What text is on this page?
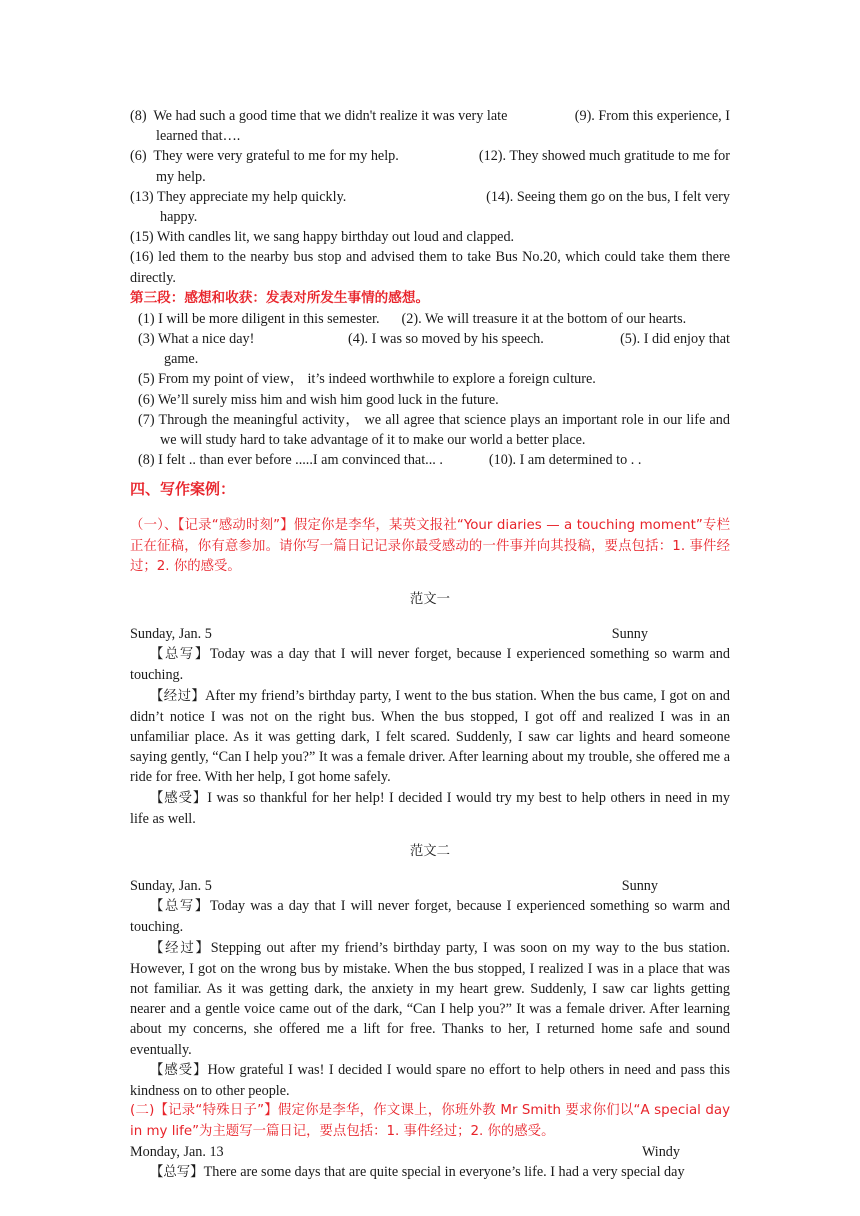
(8)  We had such a good time that we didn't realize it was very late	(9). From this experience, I

learned that….

(6)  They were very grateful to me for my help.	(12). They showed much gratitude to me for

my help.

(13) They appreciate my help quickly.	(14). Seeing them go on the bus, I felt very

happy.

(15) With candles lit, we sang happy birthday out loud and clapped.

(16) led them to the nearby bus stop and advised them to take Bus No.20, which could take them there directly.

第三段：感想和收获：发表对所发生事情的感想。

(1) I will be more diligent in this semester. (2). We will treasure it at the bottom of our hearts.
(3) What a nice day!	(4). I was so moved by his speech.	(5). I did enjoy that

game.

(5) From my point of view， it’s indeed worthwhile to explore a foreign culture.

(6) We’ll surely miss him and wish him good luck in the future.

(7) Through the meaningful activity， we all agree that science plays an important role in our life and we will study hard to take advantage of it to make our world a better place.

(8) I felt .. than ever before .....I am convinced that... .	(10). I am determined to . .

四、写作案例：

（一）、【记录“感动时刻”】假定你是李华，某英文报社“Your diaries — a touching moment”专栏正在征稿，你有意参加。请你写一篇日记记录你最受感动的一件事并向其投稿，要点包括：1. 事件经过；2. 你的感受。

范文一

Sunday, Jan. 5	Sunny

【总写】Today was a day that I will never forget, because I experienced something so warm and touching.

【经过】After my friend’s birthday party, I went to the bus station. When the bus came, I got on and didn’t notice I was not on the right bus. When the bus stopped, I got off and realized I was in an unfamiliar place. As it was getting dark, I felt scared. Suddenly, I saw car lights and heard someone saying gently, “Can I help you?” It was a female driver. After learning about my trouble, she offered me a ride for free. With her help, I got home safely.

【感受】I was so thankful for her help! I decided I would try my best to help others in need in my life as well.

范文二

Sunday, Jan. 5	Sunny

【总写】Today was a day that I will never forget, because I experienced something so warm and touching.

【经过】Stepping out after my friend’s birthday party, I was soon on my way to the bus station. However, I got on the wrong bus by mistake. When the bus stopped, I realized I was in a place that was not familiar. As it was getting dark, the anxiety in my heart grew. Suddenly, I saw car lights getting nearer and a gentle voice came out of the dark, “Can I help you?” It was a female driver. After learning about my concerns, she offered me a lift for free. Thanks to her, I returned home safe and sound eventually.

【感受】How grateful I was! I decided I would spare no effort to help others in need and pass this kindness on to other people.

(二)【记录“特殊日子”】假定你是李华，作文课上，你班外教 Mr Smith 要求你们以“A special day in my life”为主题写一篇日记，要点包括：1. 事件经过；2. 你的感受。

Monday, Jan. 13	Windy

【总写】There are some days that are quite special in everyone’s life. I had a very special day
